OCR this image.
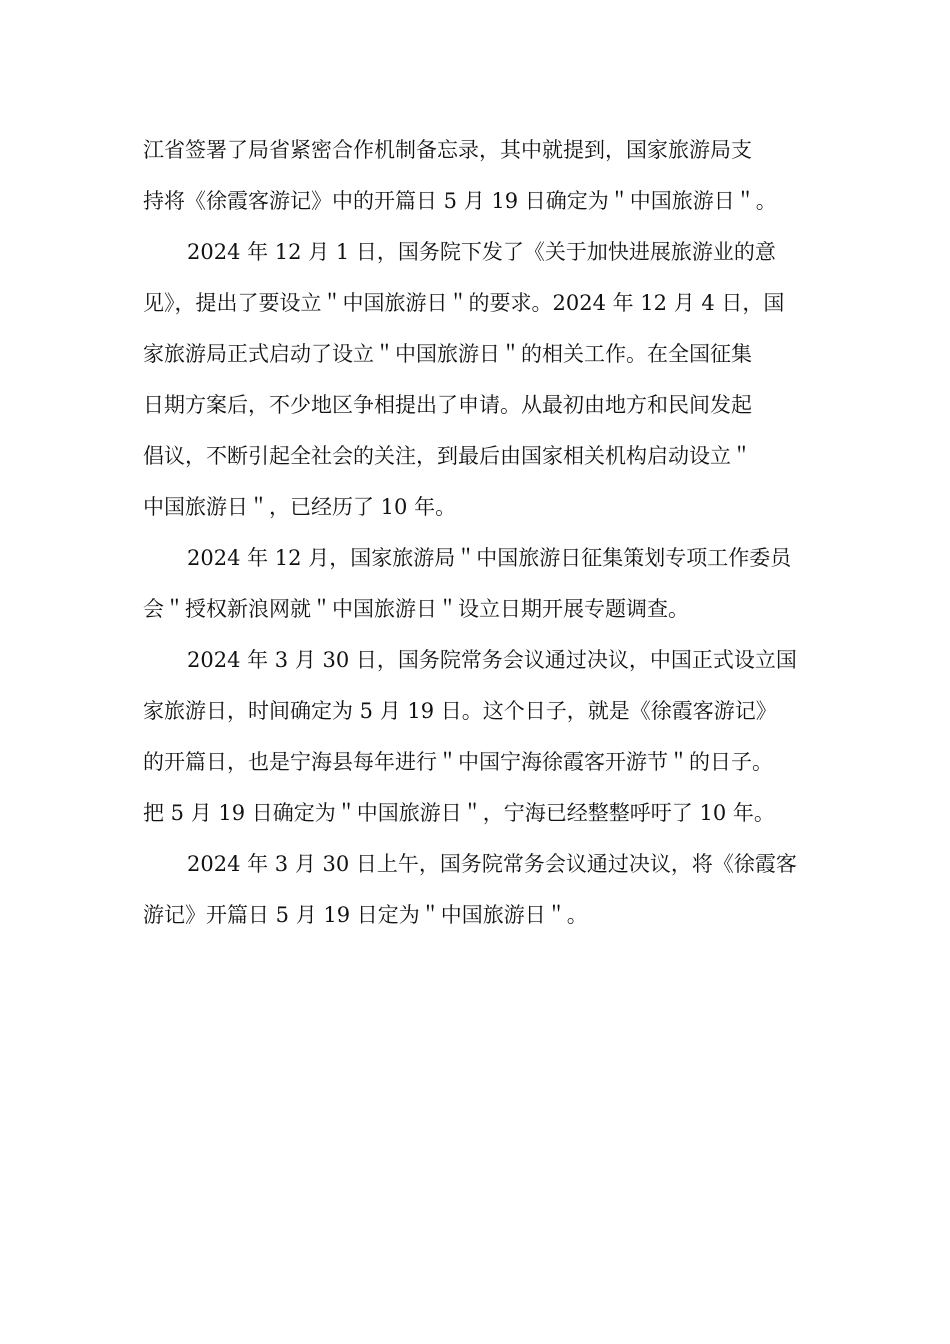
江省签署了局省紧密合作机制备忘录，其中就提到，国家旅游局支
持将《徐霞客游记》中的开篇日 5 月 19 日确定为＂中国旅游日＂。
2024 年 12 月 1 日，国务院下发了《关于加快进展旅游业的意
见》，提出了要设立＂中国旅游日＂的要求。2024 年 12 月 4 日，国
家旅游局正式启动了设立＂中国旅游日＂的相关工作。在全国征集
日期方案后，不少地区争相提出了申请。从最初由地方和民间发起
倡议，不断引起全社会的关注，到最后由国家相关机构启动设立＂
中国旅游日＂，已经历了 10 年。
2024 年 12 月，国家旅游局＂中国旅游日征集策划专项工作委员
会＂授权新浪网就＂中国旅游日＂设立日期开展专题调查。
2024 年 3 月 30 日，国务院常务会议通过决议，中国正式设立国
家旅游日，时间确定为 5 月 19 日。这个日子，就是《徐霞客游记》
的开篇日，也是宁海县每年进行＂中国宁海徐霞客开游节＂的日子。
把 5 月 19 日确定为＂中国旅游日＂，宁海已经整整呼吁了 10 年。
2024 年 3 月 30 日上午，国务院常务会议通过决议，将《徐霞客
游记》开篇日 5 月 19 日定为＂中国旅游日＂。
